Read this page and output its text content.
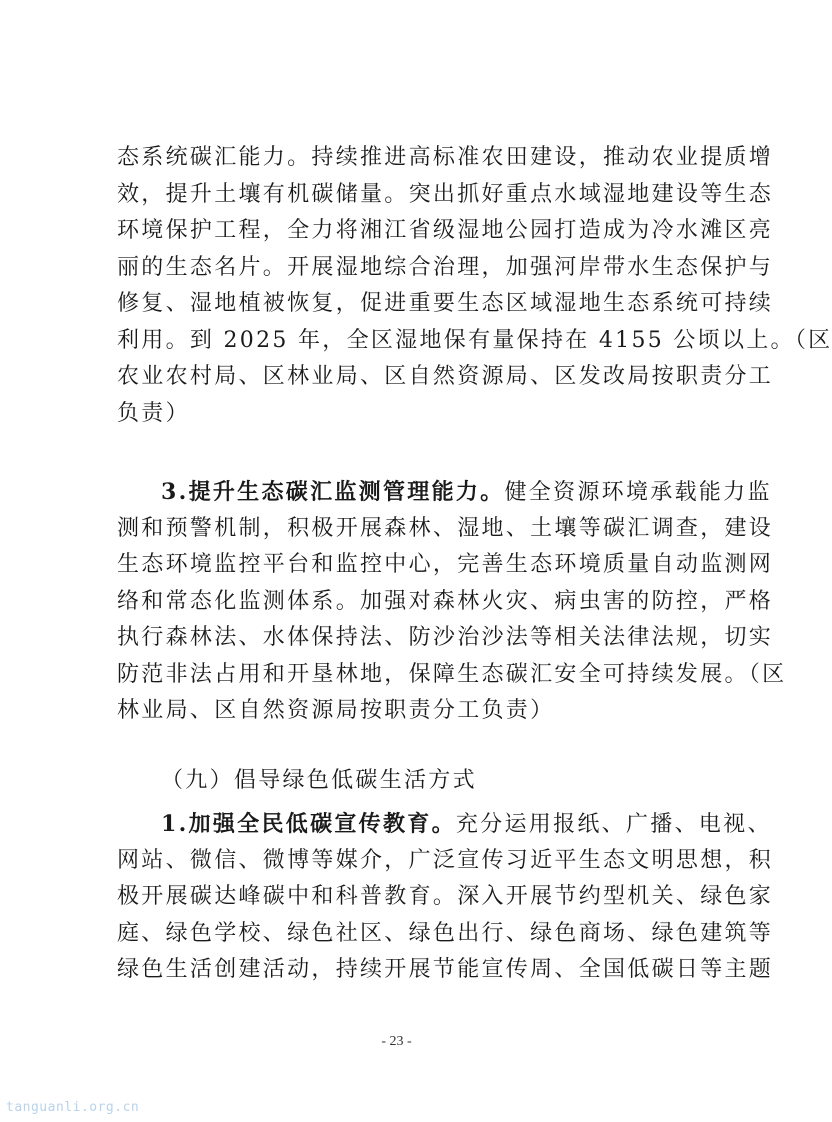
态系统碳汇能力。持续推进高标准农田建设，推动农业提质增
效，提升土壤有机碳储量。突出抓好重点水域湿地建设等生态
环境保护工程，全力将湘江省级湿地公园打造成为冷水滩区亮
丽的生态名片。开展湿地综合治理，加强河岸带水生态保护与
修复、湿地植被恢复，促进重要生态区域湿地生态系统可持续
利用。到 2025 年，全区湿地保有量保持在 4155 公顷以上。（区
农业农村局、区林业局、区自然资源局、区发改局按职责分工
负责）
3.提升生态碳汇监测管理能力。健全资源环境承载能力监
测和预警机制，积极开展森林、湿地、土壤等碳汇调查，建设
生态环境监控平台和监控中心，完善生态环境质量自动监测网
络和常态化监测体系。加强对森林火灾、病虫害的防控，严格
执行森林法、水体保持法、防沙治沙法等相关法律法规，切实
防范非法占用和开垦林地，保障生态碳汇安全可持续发展。（区
林业局、区自然资源局按职责分工负责）
（九）倡导绿色低碳生活方式
1.加强全民低碳宣传教育。充分运用报纸、广播、电视、
网站、微信、微博等媒介，广泛宣传习近平生态文明思想，积
极开展碳达峰碳中和科普教育。深入开展节约型机关、绿色家
庭、绿色学校、绿色社区、绿色出行、绿色商场、绿色建筑等
绿色生活创建活动，持续开展节能宣传周、全国低碳日等主题
- 23 -
tanguanli.org.cn
